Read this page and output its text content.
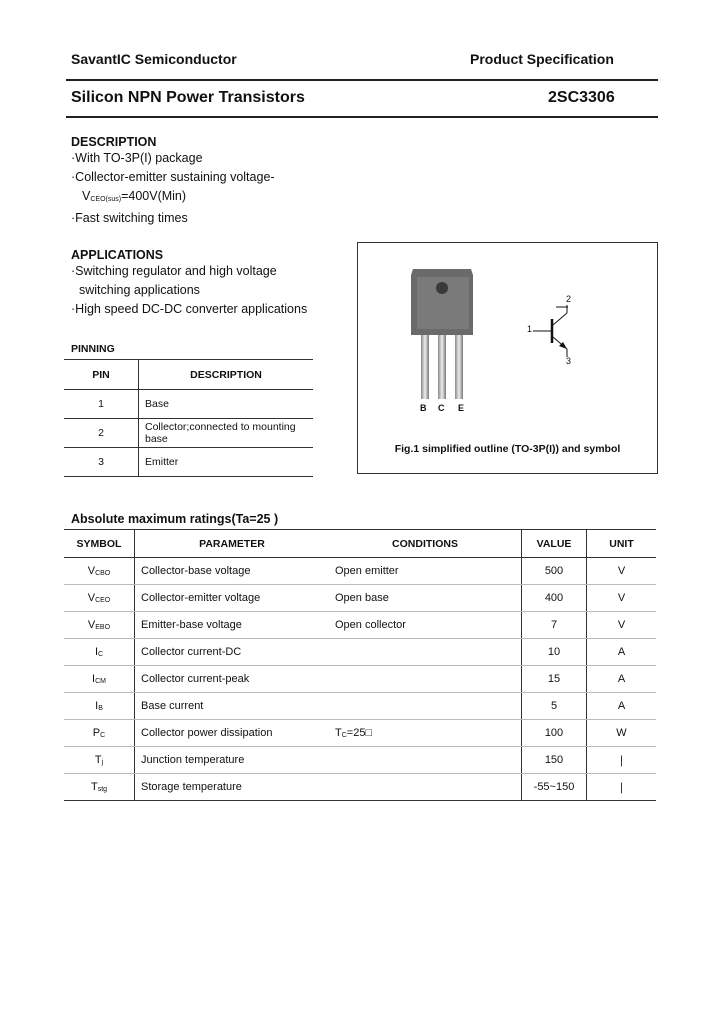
SavantIC Semiconductor	Product Specification
Silicon NPN Power Transistors	2SC3306
DESCRIPTION
·With TO-3P(I) package
·Collector-emitter sustaining voltage-
$V_{CEO(sus)}=400V(Min)$
·Fast switching times
APPLICATIONS
·Switching regulator and high voltage
switching applications
·High speed DC-DC converter applications
PINNING
PIN	DESCRIPTION
1	Base
2	Collector;connected to mounting base
3	Emitter
B C E
1
2
3
Fig.1 simplified outline (TO-3P(I)) and symbol
Absolute maximum ratings(Ta=25 )
SYMBOL	PARAMETER	CONDITIONS	VALUE	UNIT
$V_{CBO}$	Collector-base voltage	Open emitter	500	V
$V_{CEO}$	Collector-emitter voltage	Open base	400	V
$V_{EBO}$	Emitter-base voltage	Open collector	7	V
$I_C$	Collector current-DC		10	A
$I_{CM}$	Collector current-peak		15	A
$I_B$	Base current		5	A
$P_C$	Collector power dissipation	$T_C=25□$	100	W
$T_j$	Junction temperature		150	∣
$T_{stg}$	Storage temperature		-55~150	∣
